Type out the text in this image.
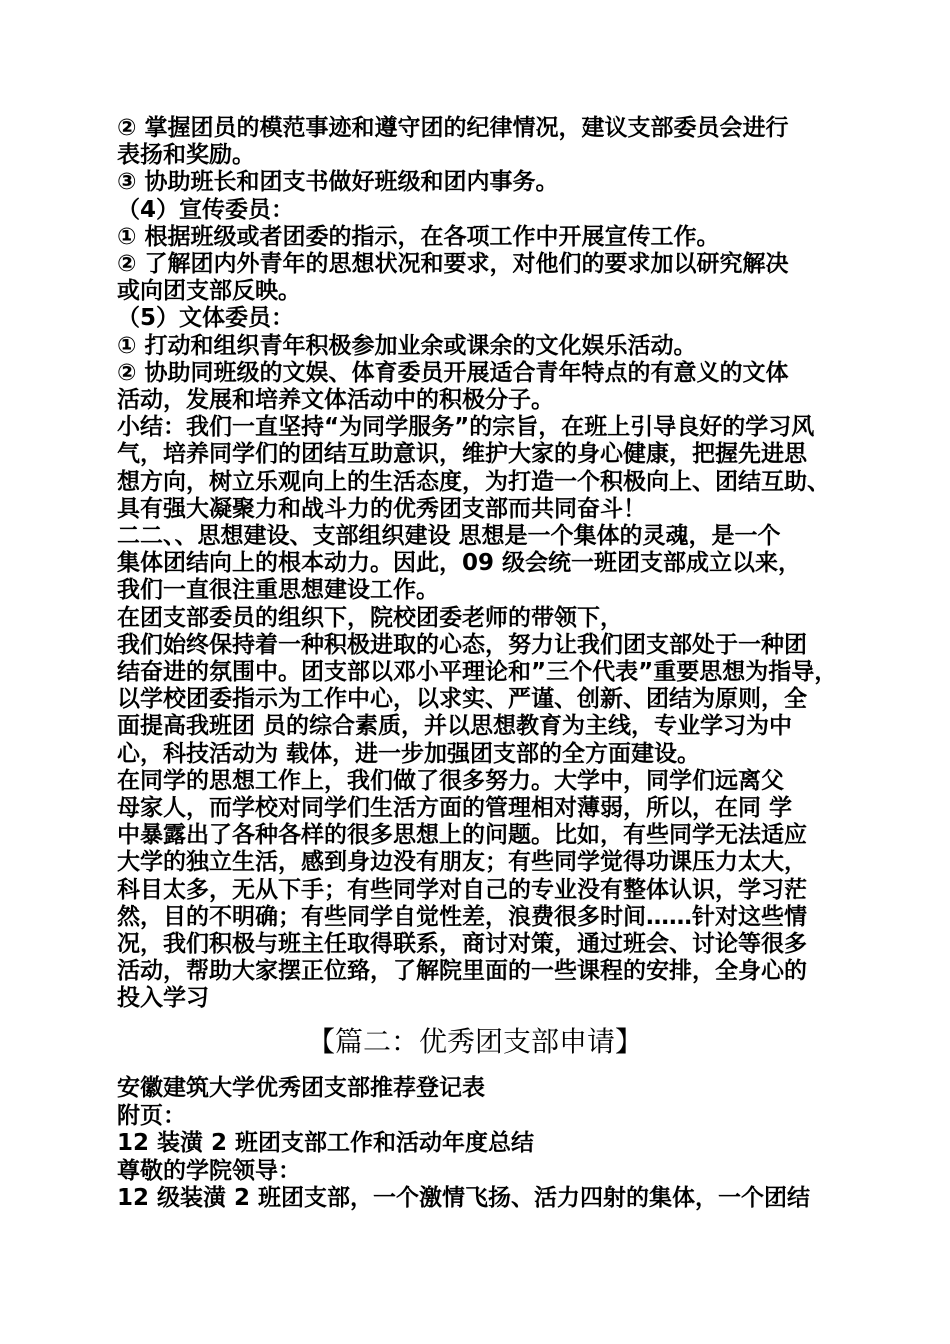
② 掌握团员的模范事迹和遵守团的纪律情况，建议支部委员会进行
表扬和奖励。
③ 协助班长和团支书做好班级和团内事务。
（4）宣传委员：
① 根据班级或者团委的指示，在各项工作中开展宣传工作。
② 了解团内外青年的思想状况和要求，对他们的要求加以研究解决
或向团支部反映。
（5）文体委员：
① 打动和组织青年积极参加业余或课余的文化娱乐活动。
② 协助同班级的文娱、体育委员开展适合青年特点的有意义的文体
活动，发展和培养文体活动中的积极分子。
小结：我们一直坚持“为同学服务”的宗旨，在班上引导良好的学习风
气，培养同学们的团结互助意识，维护大家的身心健康，把握先进思
想方向，树立乐观向上的生活态度，为打造一个积极向上、团结互助、
具有强大凝聚力和战斗力的优秀团支部而共同奋斗！
二二、、思想建设、支部组织建设 思想是一个集体的灵魂，是一个
集体团结向上的根本动力。因此，09 级会统一班团支部成立以来，
我们一直很注重思想建设工作。
在团支部委员的组织下，院校团委老师的带领下，
我们始终保持着一种积极进取的心态，努力让我们团支部处于一种团
结奋进的氛围中。团支部以邓小平理论和”三个代表”重要思想为指导，
以学校团委指示为工作中心，以求实、严谨、创新、团结为原则，全
面提高我班团 员的综合素质，并以思想教育为主线，专业学习为中
心，科技活动为 载体，进一步加强团支部的全方面建设。
在同学的思想工作上，我们做了很多努力。大学中，同学们远离父
母家人，而学校对同学们生活方面的管理相对薄弱，所以，在同 学
中暴露出了各种各样的很多思想上的问题。比如，有些同学无法适应
大学的独立生活，感到身边没有朋友；有些同学觉得功课压力太大，
科目太多，无从下手；有些同学对自己的专业没有整体认识，学习茫
然，目的不明确；有些同学自觉性差，浪费很多时间……针对这些情
况，我们积极与班主任取得联系，商讨对策，通过班会、讨论等很多
活动，帮助大家摆正位臵，了解院里面的一些课程的安排，全身心的
投入学习
【篇二：优秀团支部申请】
安徽建筑大学优秀团支部推荐登记表
附页：
12 装潢 2 班团支部工作和活动年度总结
尊敬的学院领导：
12 级装潢 2 班团支部，一个激情飞扬、活力四射的集体，一个团结
